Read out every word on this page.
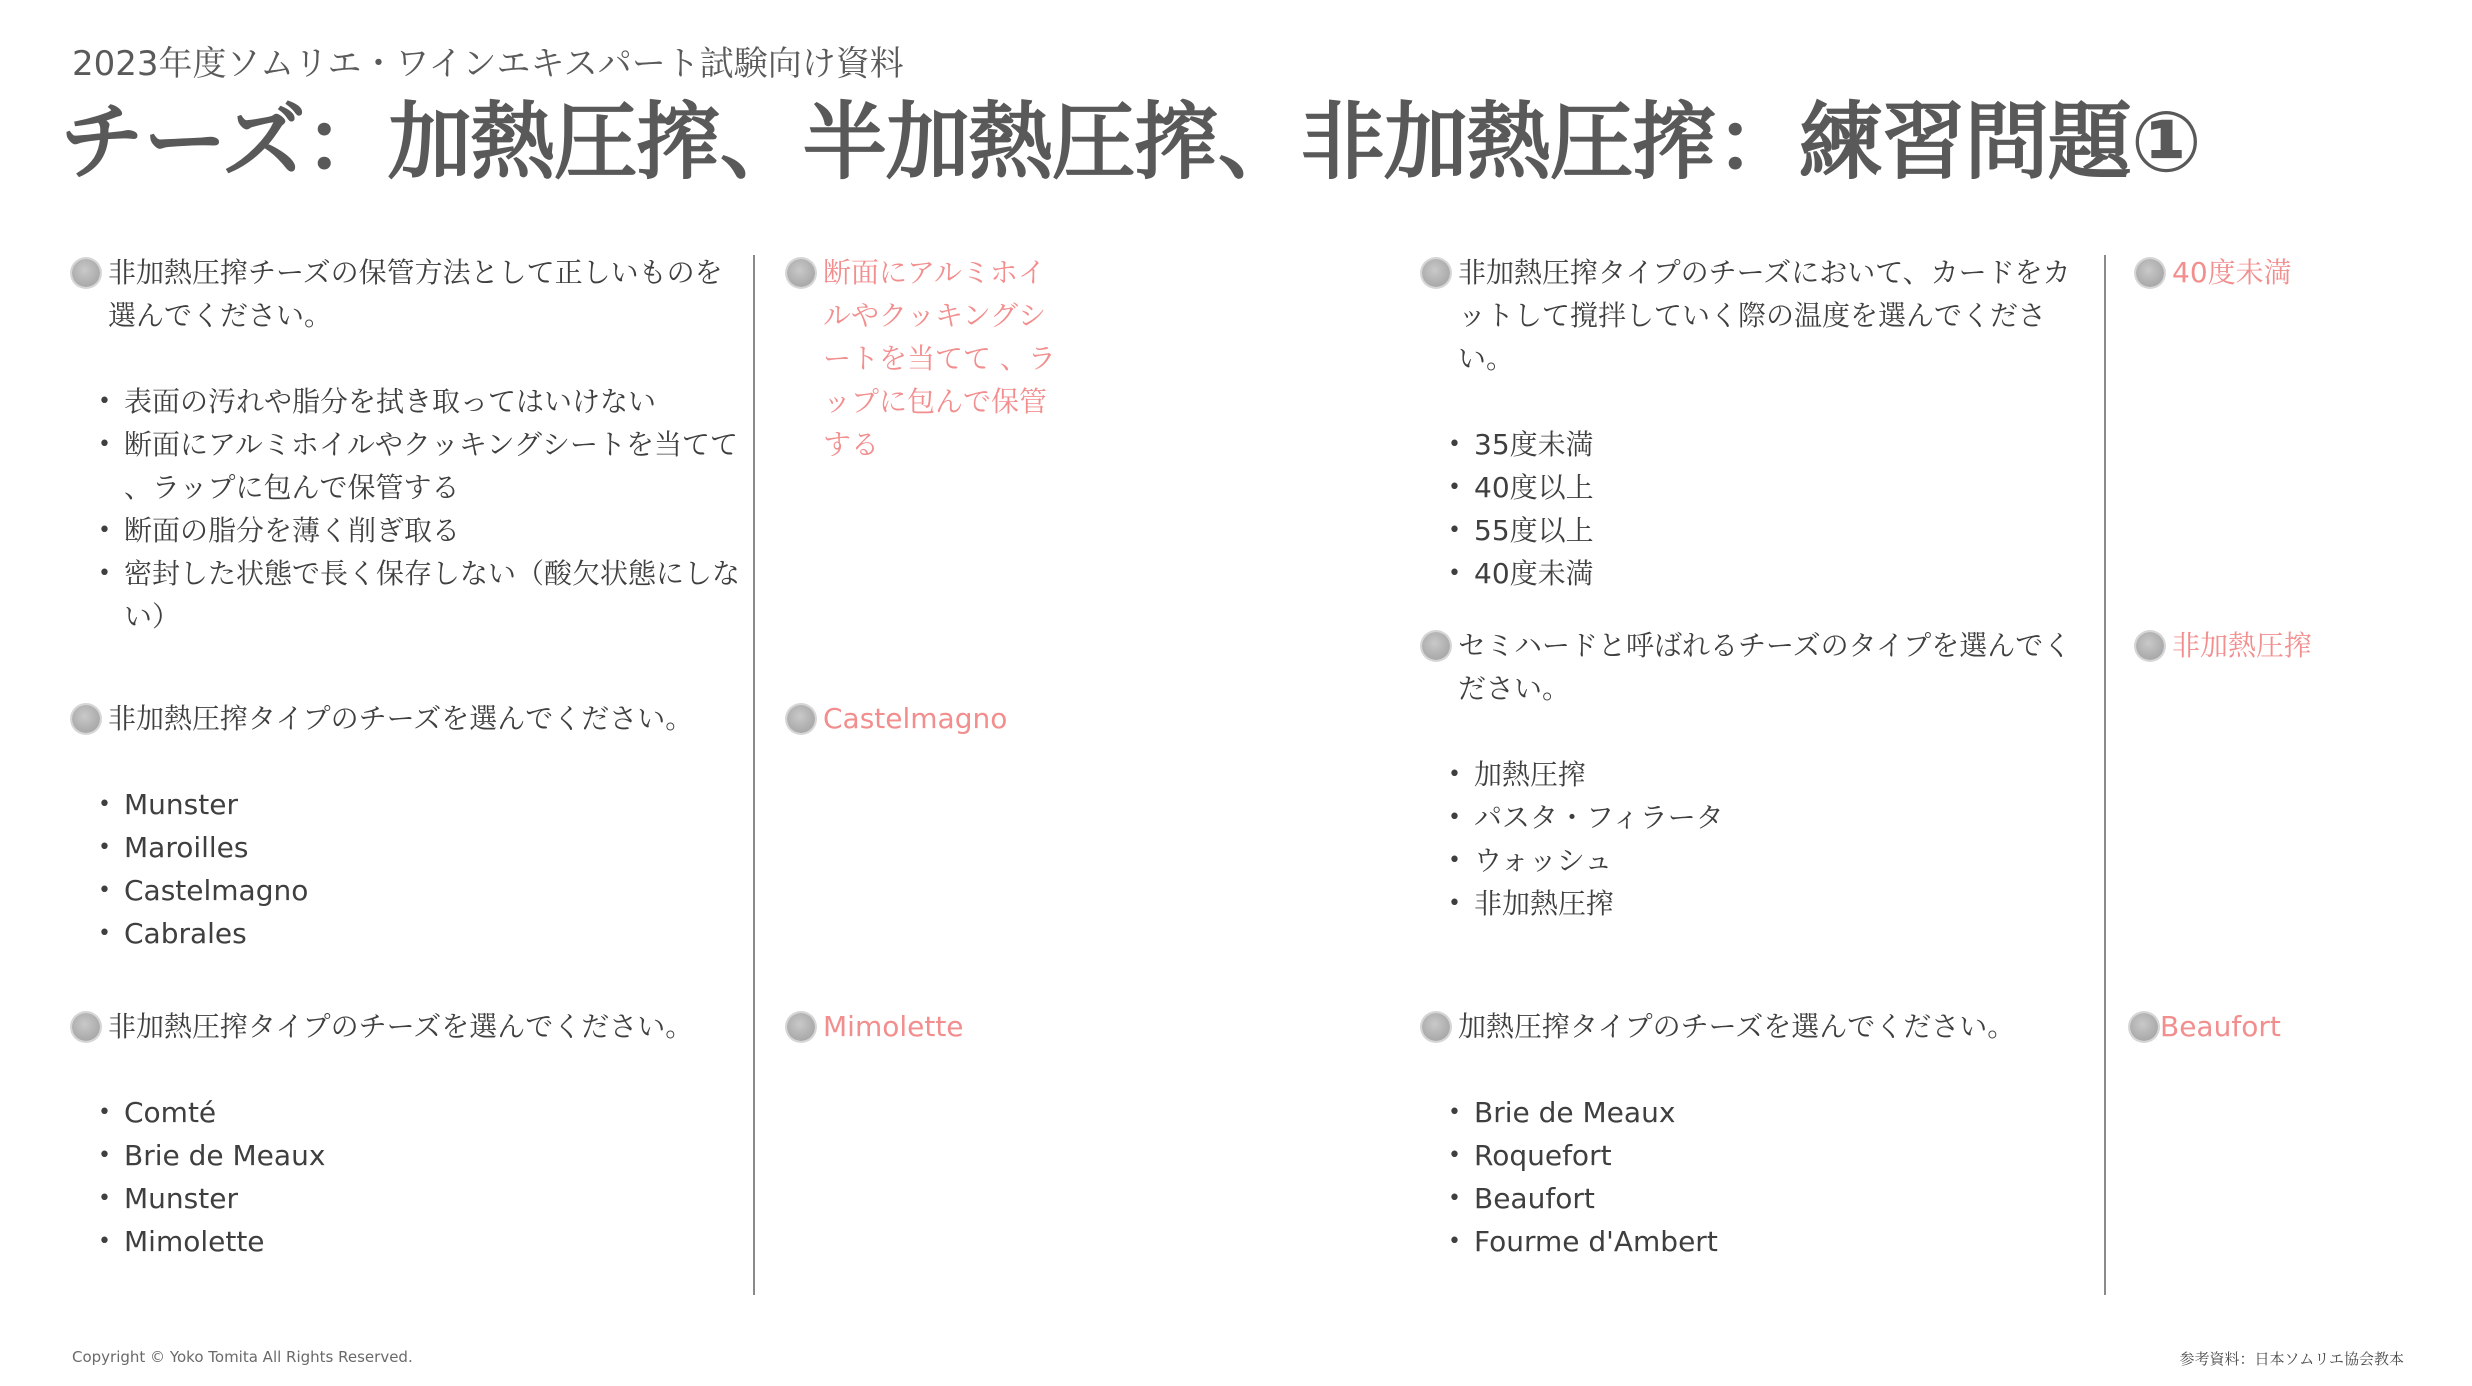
2023年度ソムリエ・ワインエキスパート試験向け資料
チーズ：加熱圧搾、半加熱圧搾、非加熱圧搾：練習問題①
非加熱圧搾チーズの保管方法として正しいものを選んでください。
• 表面の汚れや脂分を拭き取ってはいけない
• 断面にアルミホイルやクッキングシートを当てて 、ラップに包んで保管する
• 断面の脂分を薄く削ぎ取る
• 密封した状態で長く保存しない（酸欠状態にしない）
断面にアルミホイルやクッキングシートを当てて 、ラップに包んで保管する
非加熱圧搾タイプのチーズを選んでください。
• Munster
• Maroilles
• Castelmagno
• Cabrales
Castelmagno
非加熱圧搾タイプのチーズを選んでください。
• Comté
• Brie de Meaux
• Munster
• Mimolette
Mimolette
非加熱圧搾タイプのチーズにおいて、カードをカットして撹拌していく際の温度を選んでください。
• 35度未満
• 40度以上
• 55度以上
• 40度未満
40度未満
セミハードと呼ばれるチーズのタイプを選んでください。
• 加熱圧搾
• パスタ・フィラータ
• ウォッシュ
• 非加熱圧搾
非加熱圧搾
加熱圧搾タイプのチーズを選んでください。
• Brie de Meaux
• Roquefort
• Beaufort
• Fourme d'Ambert
Beaufort
Copyright © Yoko Tomita All Rights Reserved.	参考資料：日本ソムリエ協会教本
